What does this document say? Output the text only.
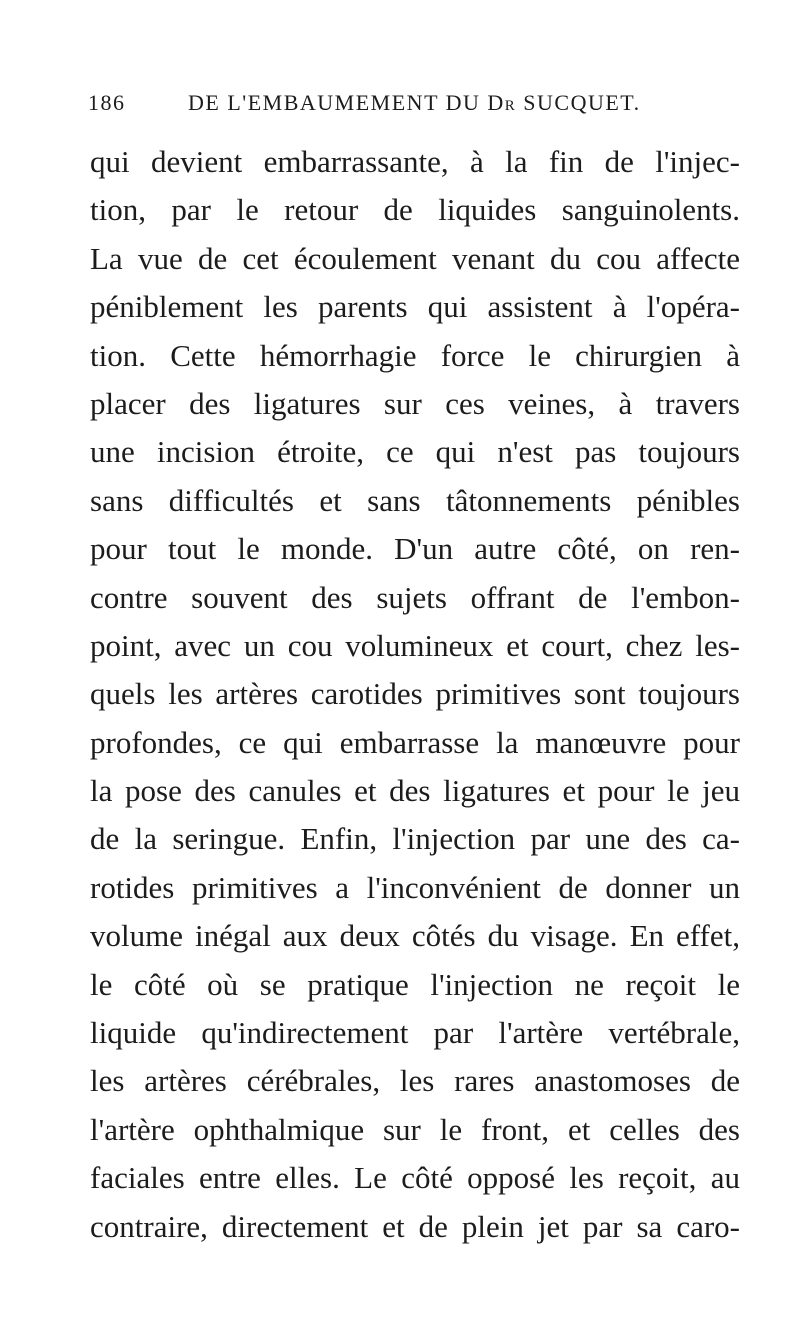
186	DE L'EMBAUMEMENT DU Dr SUCQUET.
qui devient embarrassante, à la fin de l'injec-
tion, par le retour de liquides sanguinolents.
La vue de cet écoulement venant du cou affecte
péniblement les parents qui assistent à l'opéra-
tion. Cette hémorrhagie force le chirurgien à
placer des ligatures sur ces veines, à travers
une incision étroite, ce qui n'est pas toujours
sans difficultés et sans tâtonnements pénibles
pour tout le monde. D'un autre côté, on ren-
contre souvent des sujets offrant de l'embon-
point, avec un cou volumineux et court, chez les-
quels les artères carotides primitives sont toujours
profondes, ce qui embarrasse la manœuvre pour
la pose des canules et des ligatures et pour le jeu
de la seringue. Enfin, l'injection par une des ca-
rotides primitives a l'inconvénient de donner un
volume inégal aux deux côtés du visage. En effet,
le côté où se pratique l'injection ne reçoit le
liquide qu'indirectement par l'artère vertébrale,
les artères cérébrales, les rares anastomoses de
l'artère ophthalmique sur le front, et celles des
faciales entre elles. Le côté opposé les reçoit, au
contraire, directement et de plein jet par sa caro-
